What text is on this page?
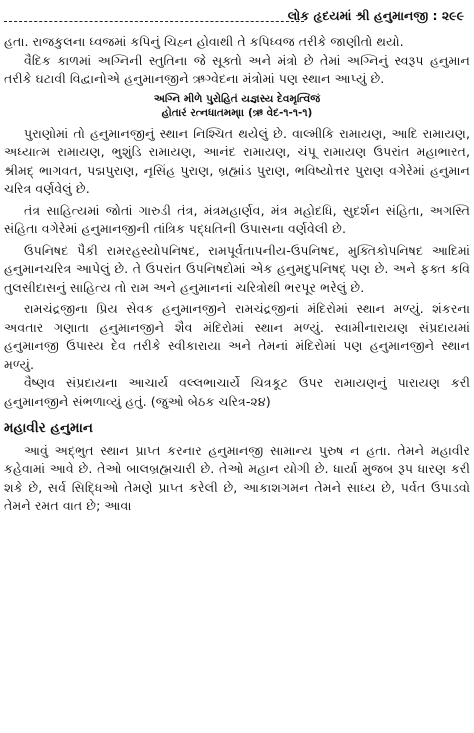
લોક હૃદયમાં શ્રી હનુમાનજી : ૨૯૯

હતા. રાજકુલના ધ્વજમાં કપિનું ચિહ્ન હોવાથી તે કપિધ્વજ તરીકે જાણીતો થયો.

વૈદિક કાળમાં અગ્નિની સ્તુતિના જે સૂક્તો અને મંત્રો છે તેમાં અગ્નિનું સ્વરૂપ હનુમાન તરીકે ઘટાવી વિદ્વાનોએ હનુમાનજીને ઋગ્વેદના મંત્રોમાં પણ સ્થાન આપ્યું છે.

અગ્નિ મીળે પુરોહિતં યજ્ઞસ્ય દેવમૃત્વિજં
હોતારં રત્નધાતમમ્।। (ઋ વેદ-૧-૧-૧)

પુરાણોમાં તો હનુમાનજીનું સ્થાન નિશ્ચિત થયેલું છે. વાલ્મીકિ રામાયણ, આદિ રામાયણ, અધ્યાત્મ રામાયણ, ભુશુંડિ રામાયણ, આનંદ રામાયણ, ચંપૂ રામાયણ ઉપરાંત મહાભારત, શ્રીમદ્ ભાગવત, પદ્મપુરાણ, નૃસિંહ પુરાણ, બ્રહ્માંડ પુરાણ, ભવિષ્યોત્તર પુરાણ વગેરેમાં હનુમાન ચરિત્ર વર્ણવેલું છે.

તંત્ર સાહિત્યમાં જોતાં ગારુડી તંત્ર, મંત્રમહાર્ણવ, મંત્ર મહોદધિ, સુદર્શન સંહિતા, અગસ્તિ સંહિતા વગેરેમાં હનુમાનજીની તાંત્રિક પદ્ધતિની ઉપાસના વર્ણવેલી છે.

ઉપનિષદ પૈકી રામરહસ્યોપનિષદ, રામપૂર્વતાપનીય-ઉપનિષદ, મુક્તિકોપનિષદ આદિમાં હનુમાનચરિત્ર આપેલું છે. તે ઉપરાંત ઉપનિષદોમાં એક હનુમદુપનિષદ્ પણ છે. અને ફક્ત કવિ તુલસીદાસનું સાહિત્ય તો રામ અને હનુમાનનાં ચરિત્રોથી ભરપૂર ભરેલું છે.

રામચંદ્રજીના પ્રિય સેવક હનુમાનજીને રામચંદ્રજીનાં મંદિરોમાં સ્થાન મળ્યું. શંકરના અવતાર ગણાતા હનુમાનજીને શૈવ મંદિરોમાં સ્થાન મળ્યું. સ્વામીનારાયણ સંપ્રદાયમાં હનુમાનજી ઉપાસ્ય દેવ તરીકે સ્વીકારાયા અને તેમનાં મંદિરોમાં પણ હનુમાનજીને સ્થાન મળ્યું.

વૈષ્ણવ સંપ્રદાયના આચાર્ય વલ્લભાચાર્યે ચિત્રકૂટ ઉપર રામાયણનું પારાયણ કરી હનુમાનજીને સંભળાવ્યું હતું. (જુઓ બેઠક ચરિત્ર-૨૪)

મહાવીર હનુમાન

આવું અદ્ભુત સ્થાન પ્રાપ્ત કરનાર હનુમાનજી સામાન્ય પુરુષ ન હતા. તેમને મહાવીર કહેવામાં આવે છે. તેઓ બાલબ્રહ્મચારી છે. તેઓ મહાન યોગી છે. ધાર્યા મુજબ રૂપ ધારણ કરી શકે છે, સર્વ સિદ્ધિઓ તેમણે પ્રાપ્ત કરેલી છે, આકાશગમન તેમને સાધ્ય છે, પર્વત ઉપાડવો તેમને રમત વાત છે; આવા
